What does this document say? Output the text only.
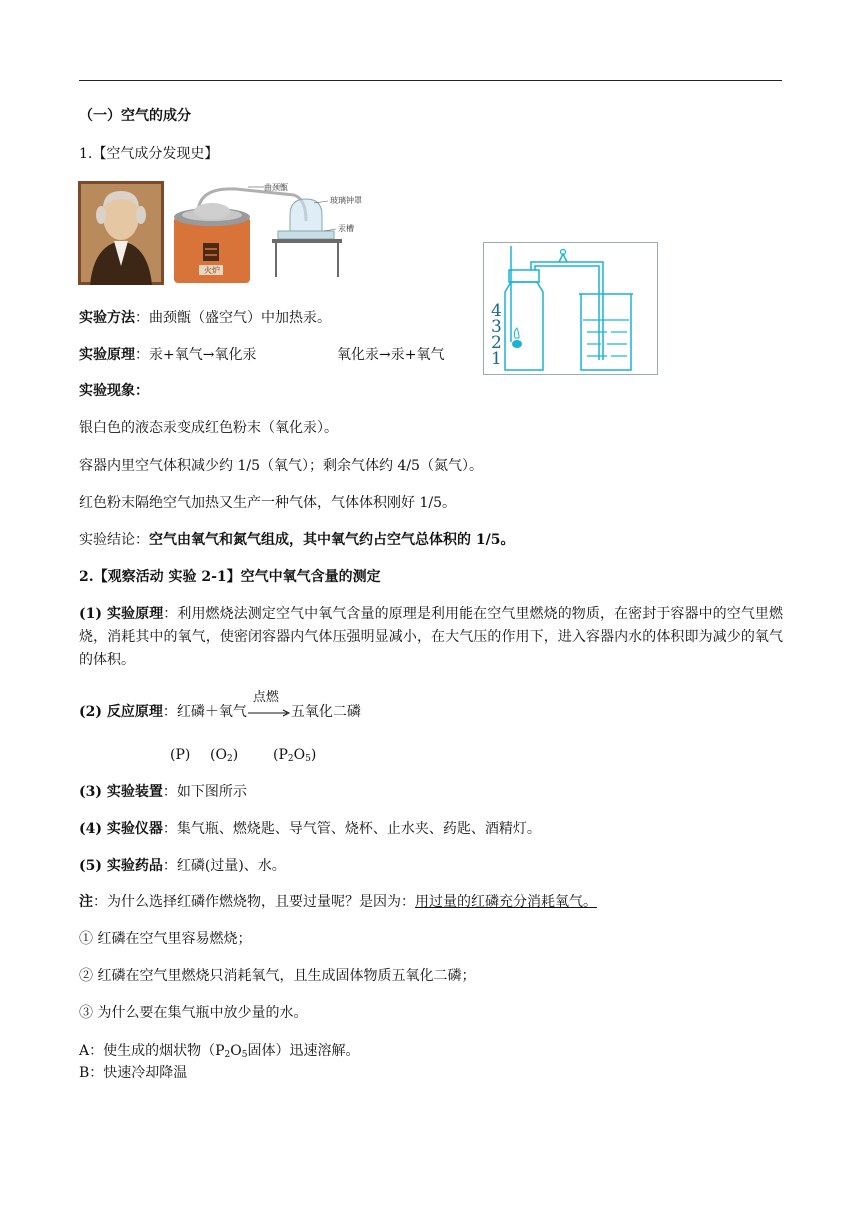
（一）空气的成分
1.【空气成分发现史】
火炉
曲颈甑
玻璃钟罩
汞槽
4
3
2
1
实验方法：曲颈甑（盛空气）中加热汞。
实验原理：汞+氧气→氧化汞	氧化汞→汞+氧气
实验现象：
银白色的液态汞变成红色粉末（氧化汞）。
容器内里空气体积减少约 1/5（氧气）；剩余气体约 4/5（氮气）。
红色粉末隔绝空气加热又生产一种气体，气体体积刚好 1/5。
实验结论：空气由氧气和氮气组成，其中氧气约占空气总体积的 1/5。
2.【观察活动 实验 2-1】空气中氧气含量的测定
(1) 实验原理：利用燃烧法测定空气中氧气含量的原理是利用能在空气里燃烧的物质，在密封于容器中的空气里燃烧，消耗其中的氧气，使密闭容器内气体压强明显减小，在大气压的作用下，进入容器内水的体积即为减少的氧气的体积。
(2) 反应原理：红磷＋氧气
点燃
五氧化二磷
(P) $(O_2)$ $(P_2O_5)$
(3) 实验装置：如下图所示
(4) 实验仪器：集气瓶、燃烧匙、导气管、烧杯、止水夹、药匙、酒精灯。
(5) 实验药品：红磷(过量)、水。
注：为什么选择红磷作燃烧物，且要过量呢？是因为：用过量的红磷充分消耗氧气。
① 红磷在空气里容易燃烧；
② 红磷在空气里燃烧只消耗氧气，且生成固体物质五氧化二磷；
③ 为什么要在集气瓶中放少量的水。
A：使生成的烟状物（$P_2O_5$固体）迅速溶解。
B：快速冷却降温
